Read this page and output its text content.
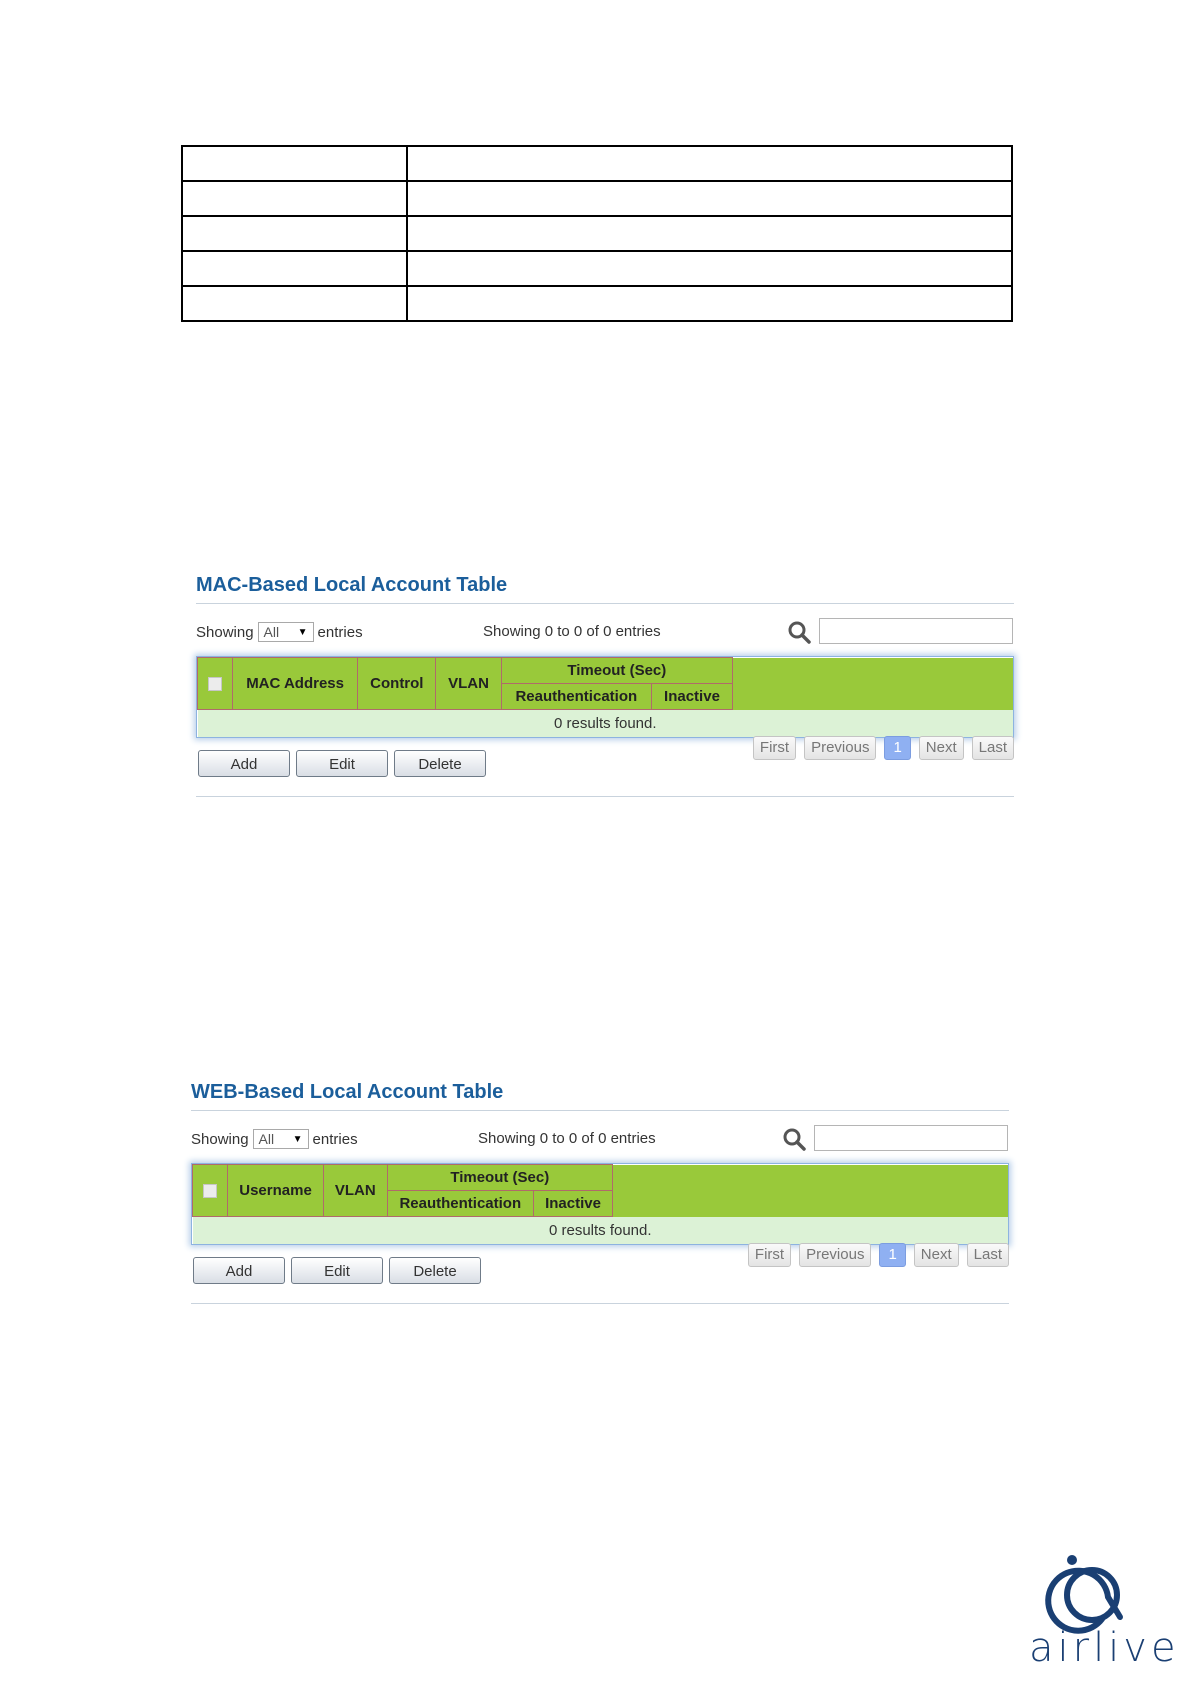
MAC-Based Local Account Table
Showing All ▼ entries	Showing 0 to 0 of 0 entries
	MAC Address	Control	VLAN	Timeout (Sec)		
				Reauthentication	Inactive	
0 results found.						
Add	Edit	Delete
First	Previous	1	Next	Last
WEB-Based Local Account Table
Showing All ▼ entries	Showing 0 to 0 of 0 entries
	Username	VLAN	Timeout (Sec)		
			Reauthentication	Inactive	
0 results found.					
Add	Edit	Delete
First	Previous	1	Next	Last
airlive
